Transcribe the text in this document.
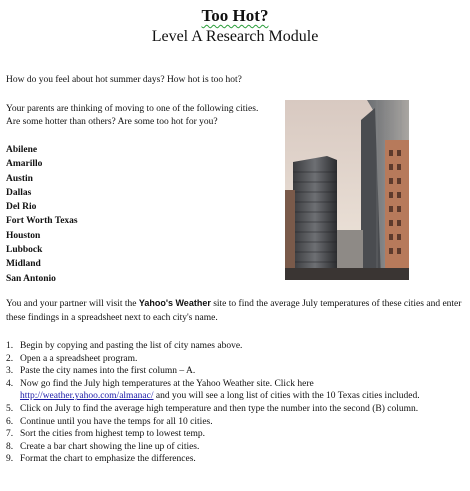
Too Hot?
Level A Research Module
How do you feel about hot summer days? How hot is too hot?
Your parents are thinking of moving to one of the following cities.
Are some hotter than others? Are some too hot for you?
Abilene
Amarillo
Austin
Dallas
Del Rio
Fort Worth Texas
Houston
Lubbock
Midland
San Antonio
You and your partner will visit the Yahoo's Weather site to find the average July temperatures of these cities and enter these findings in a spreadsheet next to each city's name.
1. Begin by copying and pasting the list of city names above.
2. Open a a spreadsheet program.
3. Paste the city names into the first column – A.
4. Now go find the July high temperatures at the Yahoo Weather site. Click here
http://weather.yahoo.com/almanac/ and you will see a long list of cities with the 10 Texas cities included.
5. Click on July to find the average high temperature and then type the number into the second (B) column.
6. Continue until you have the temps for all 10 cities.
7. Sort the cities from highest temp to lowest temp.
8. Create a bar chart showing the line up of cities.
9. Format the chart to emphasize the differences.
